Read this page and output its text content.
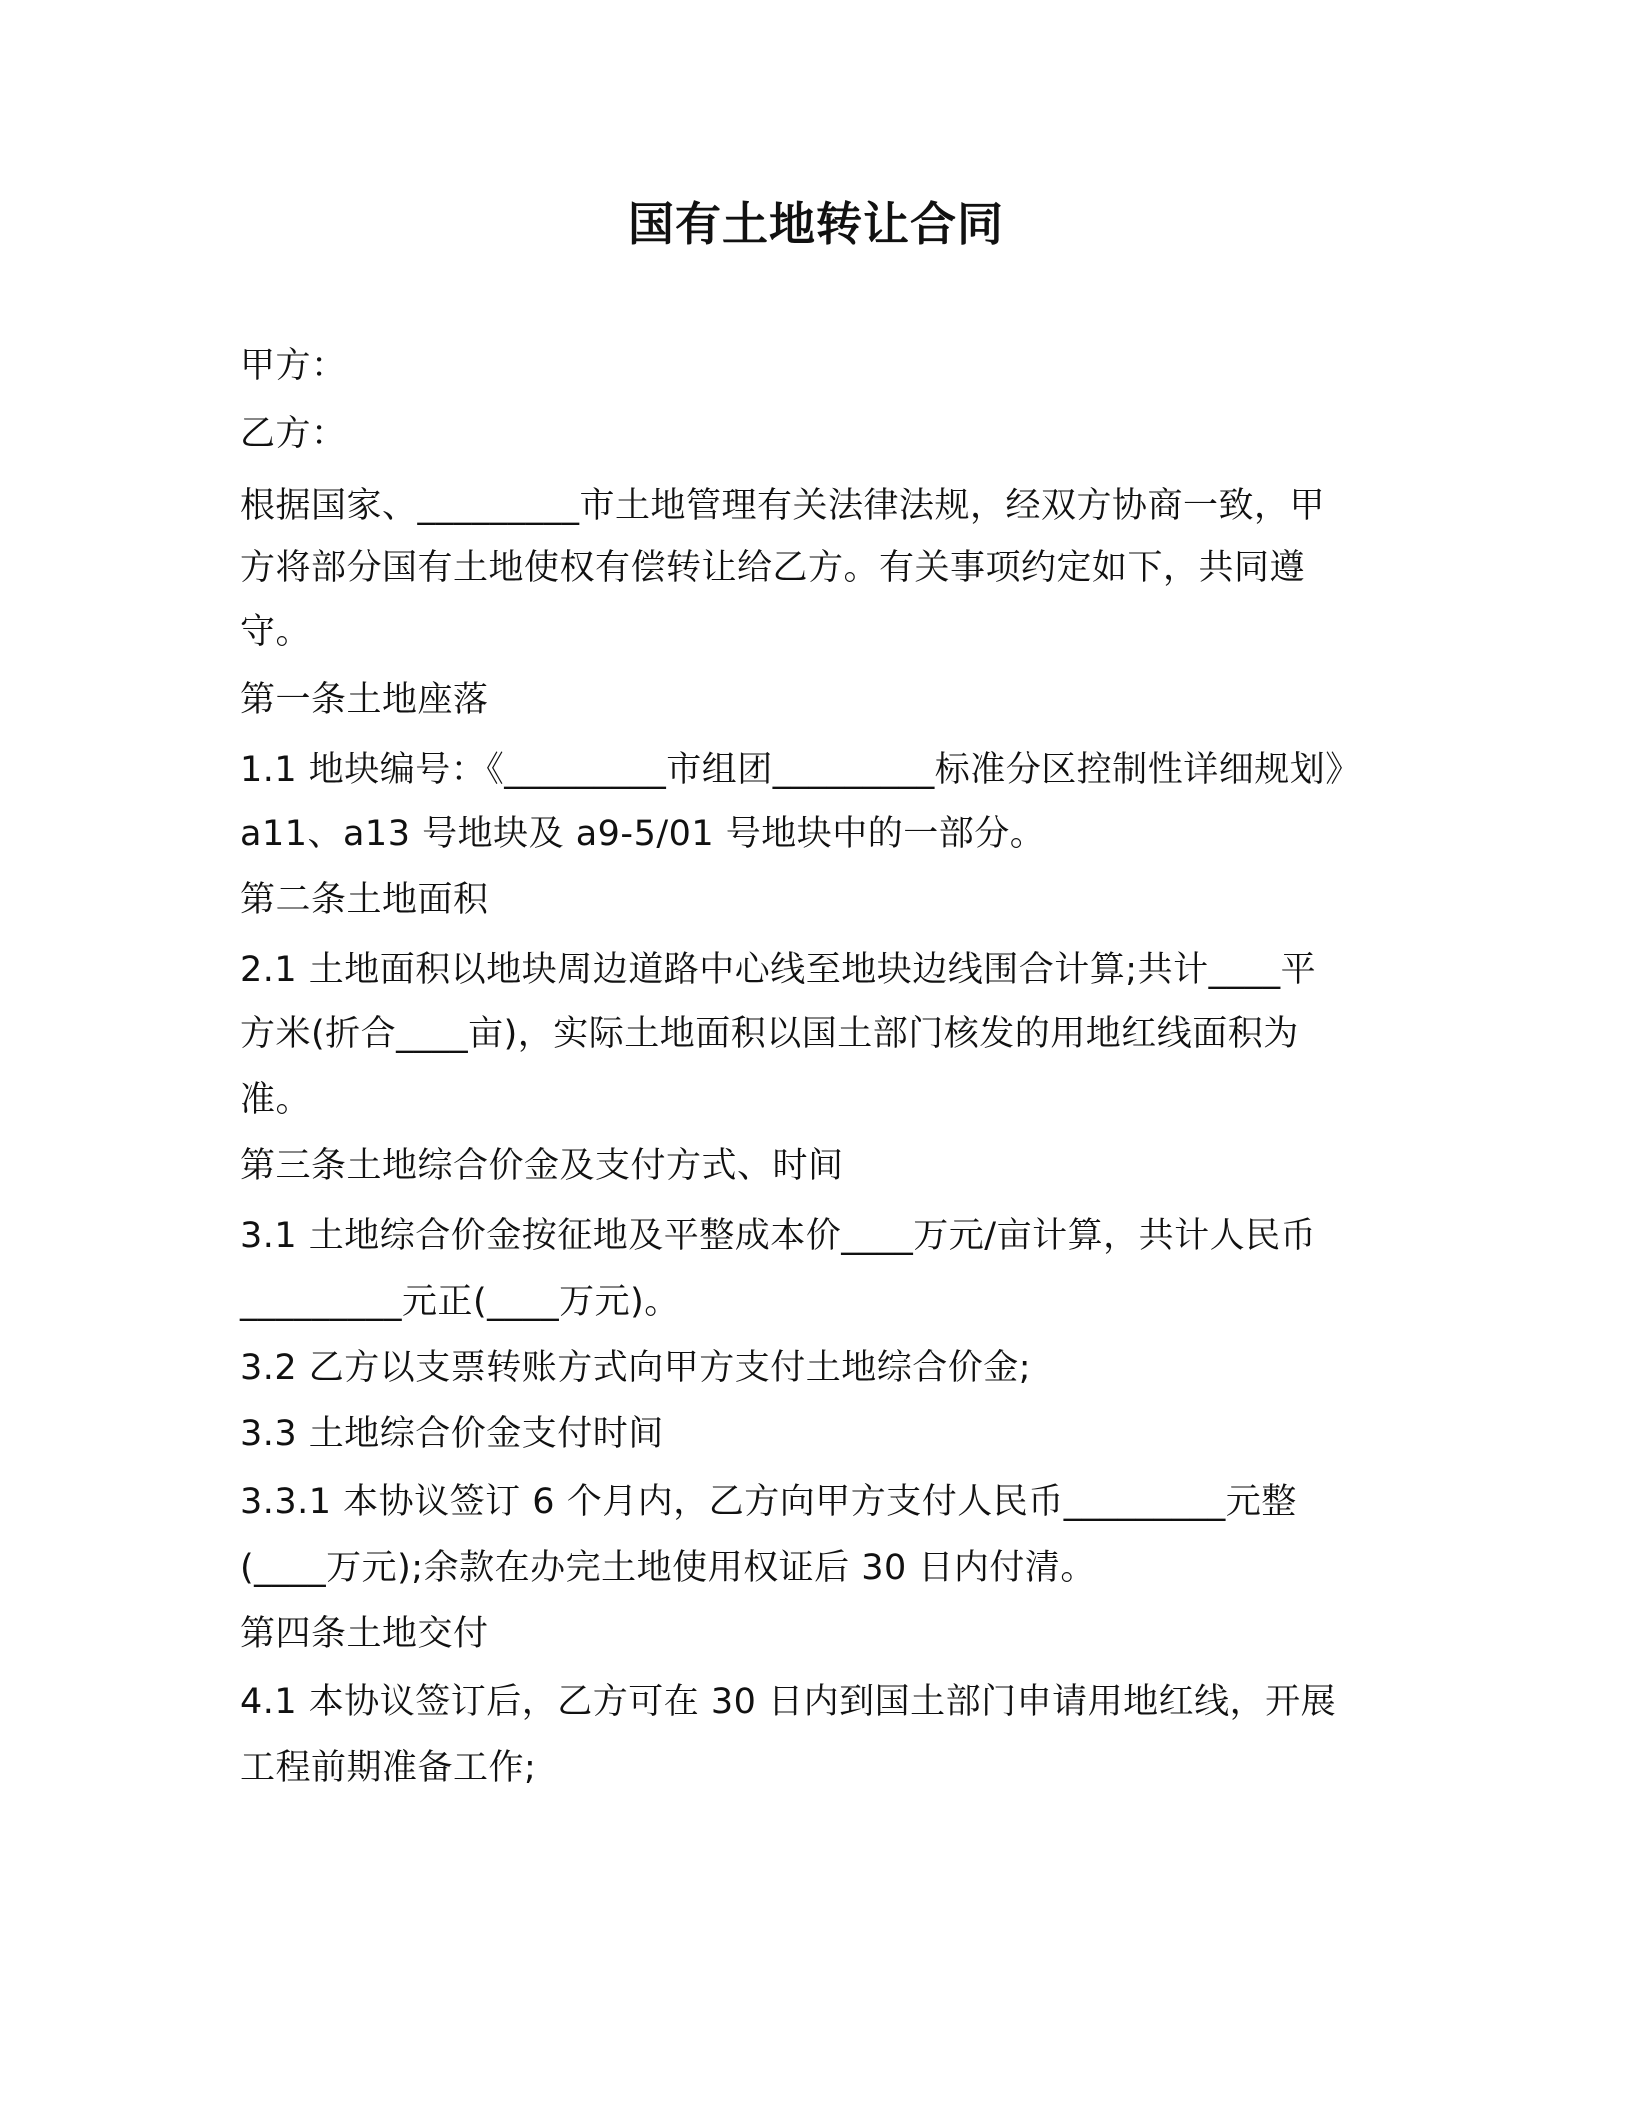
国有土地转让合同

甲方：

乙方：

根据国家、_________市土地管理有关法律法规，经双方协商一致，甲

方将部分国有土地使权有偿转让给乙方。有关事项约定如下，共同遵

守。

第一条土地座落

1.1 地块编号：《_________市组团_________标准分区控制性详细规划》

a11、a13 号地块及 a9-5/01 号地块中的一部分。

第二条土地面积

2.1 土地面积以地块周边道路中心线至地块边线围合计算;共计____平

方米(折合____亩)，实际土地面积以国土部门核发的用地红线面积为

准。

第三条土地综合价金及支付方式、时间

3.1 土地综合价金按征地及平整成本价____万元/亩计算，共计人民币

_________元正(____万元)。

3.2 乙方以支票转账方式向甲方支付土地综合价金;

3.3 土地综合价金支付时间

3.3.1 本协议签订 6 个月内，乙方向甲方支付人民币_________元整

(____万元);余款在办完土地使用权证后 30 日内付清。

第四条土地交付

4.1 本协议签订后，乙方可在 30 日内到国土部门申请用地红线，开展

工程前期准备工作;
